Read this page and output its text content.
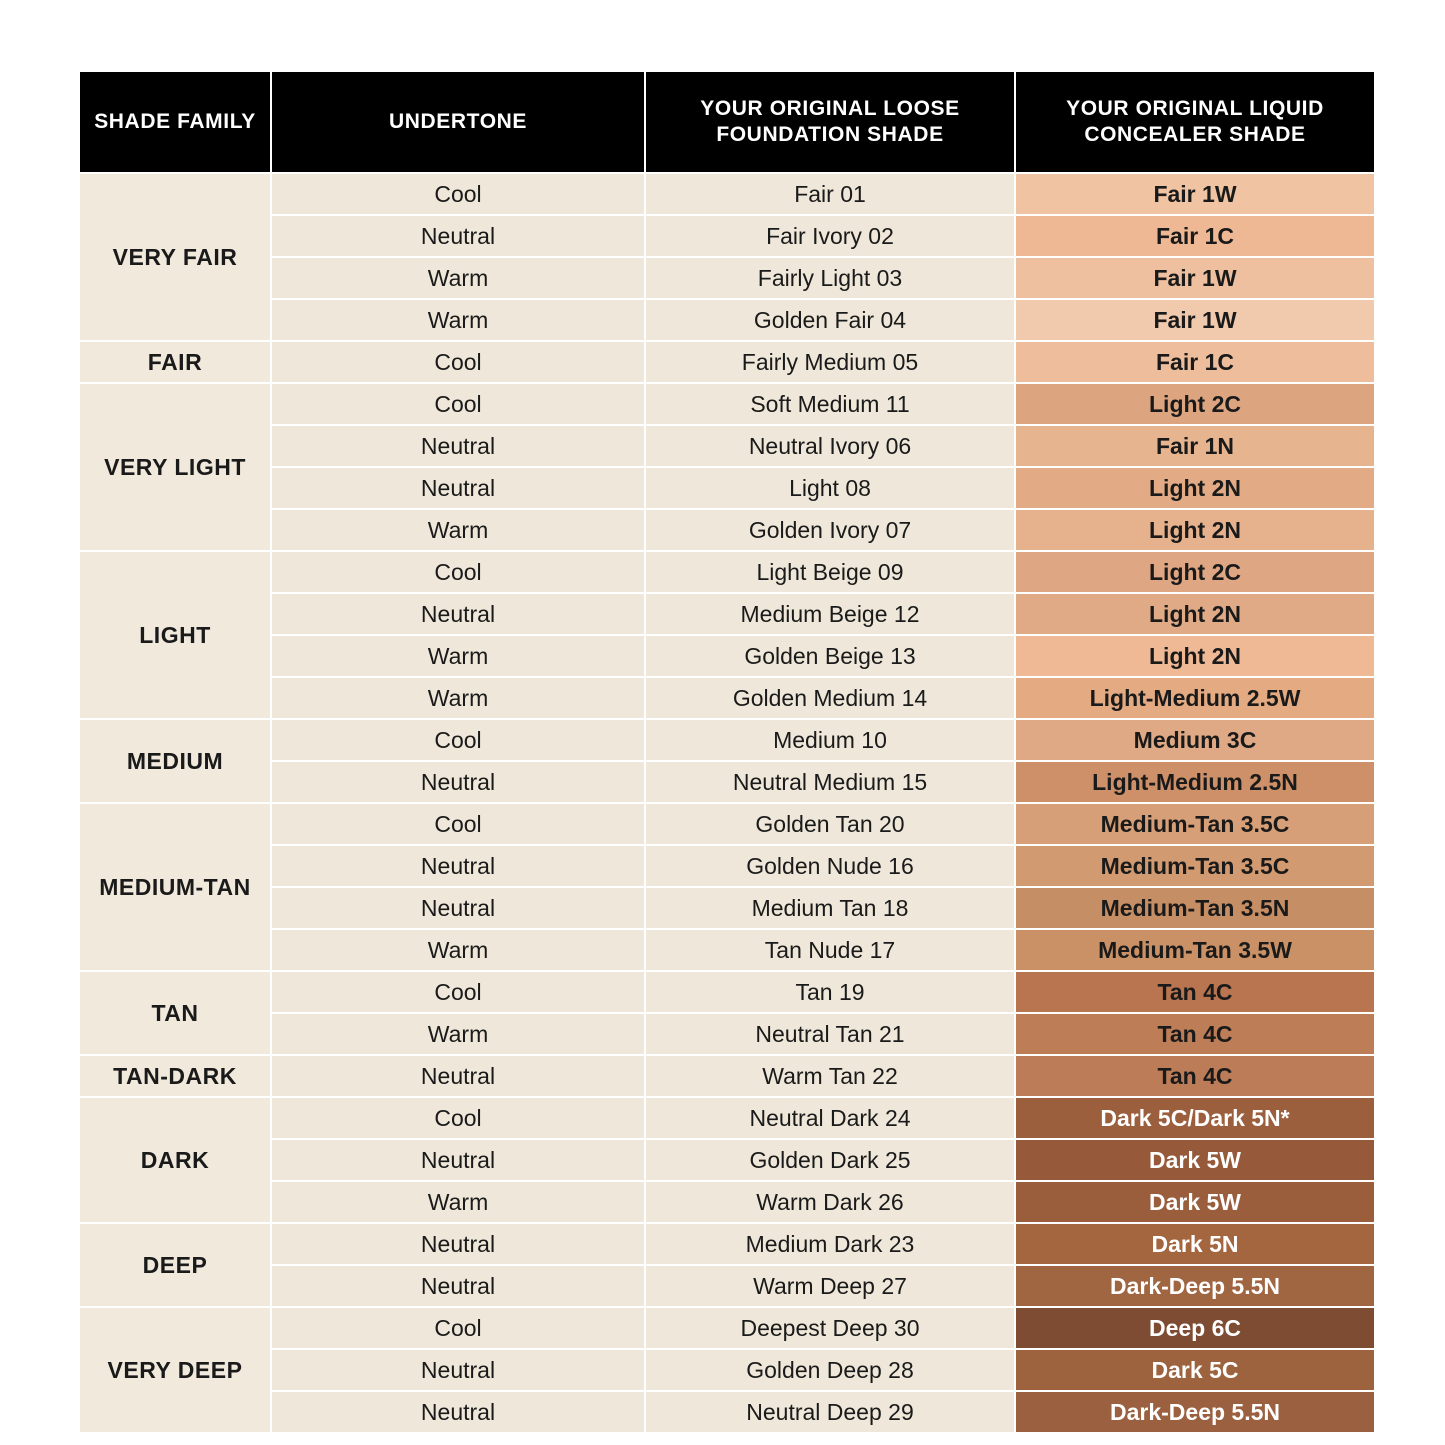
SHADE FAMILY	UNDERTONE	YOUR ORIGINAL LOOSE FOUNDATION SHADE	YOUR ORIGINAL LIQUID CONCEALER SHADE
VERY FAIR	Cool	Fair 01	Fair 1W
	Neutral	Fair Ivory 02	Fair 1C
	Warm	Fairly Light 03	Fair 1W
	Warm	Golden Fair 04	Fair 1W
FAIR	Cool	Fairly Medium 05	Fair 1C
VERY LIGHT	Cool	Soft Medium 11	Light 2C
	Neutral	Neutral Ivory 06	Fair 1N
	Neutral	Light 08	Light 2N
	Warm	Golden Ivory 07	Light 2N
LIGHT	Cool	Light Beige 09	Light 2C
	Neutral	Medium Beige 12	Light 2N
	Warm	Golden Beige 13	Light 2N
	Warm	Golden Medium 14	Light-Medium 2.5W
MEDIUM	Cool	Medium 10	Medium 3C
	Neutral	Neutral Medium 15	Light-Medium 2.5N
MEDIUM-TAN	Cool	Golden Tan 20	Medium-Tan 3.5C
	Neutral	Golden Nude 16	Medium-Tan 3.5C
	Neutral	Medium Tan 18	Medium-Tan 3.5N
	Warm	Tan Nude 17	Medium-Tan 3.5W
TAN	Cool	Tan 19	Tan 4C
	Warm	Neutral Tan 21	Tan 4C
TAN-DARK	Neutral	Warm Tan 22	Tan 4C
DARK	Cool	Neutral Dark 24	Dark 5C/Dark 5N*
	Neutral	Golden Dark 25	Dark 5W
	Warm	Warm Dark 26	Dark 5W
DEEP	Neutral	Medium Dark 23	Dark 5N
	Neutral	Warm Deep 27	Dark-Deep 5.5N
VERY DEEP	Cool	Deepest Deep 30	Deep 6C
	Neutral	Golden Deep 28	Dark 5C
	Neutral	Neutral Deep 29	Dark-Deep 5.5N
